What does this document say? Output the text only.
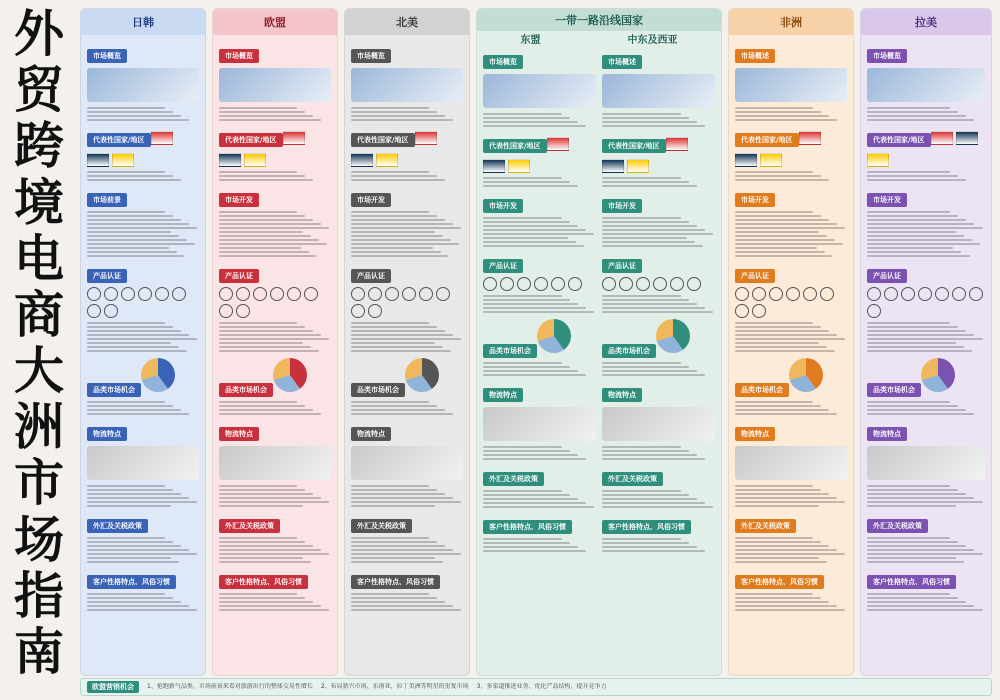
外
贸
跨
境
电
商
大
洲
市
场
指
南
日韩
市场概览
代表性国家/地区
市场前景
产品认证
品类市场机会
物流特点
外汇及关税政策
客户性格特点、风俗习惯
欧盟
市场概览
代表性国家/地区
市场开发
产品认证
品类市场机会
物流特点
外汇及关税政策
客户性格特点、风俗习惯
北美
市场概览
代表性国家/地区
市场开发
产品认证
品类市场机会
物流特点
外汇及关税政策
客户性格特点、风俗习惯
一带一路沿线国家
东盟	中东及西亚
市场概览
代表性国家/地区
市场开发
产品认证
品类市场机会
物流特点
外汇及关税政策
客户性格特点、风俗习惯
市场概述
代表性国家/地区
市场开发
产品认证
品类市场机会
物流特点
外汇及关税政策
客户性格特点、风俗习惯
非洲
市场概述
代表性国家/地区
市场开发
产品认证
品类市场机会
物流特点
外汇及关税政策
客户性格特点、风俗习惯
拉美
市场概览
代表性国家/地区
市场开发
产品认证
品类市场机会
物流特点
外汇及关税政策
客户性格特点、风俗习惯
欧盟营销机会	1、抢跑新气品类、市场前景来看对旅游出行的整体交易性增长 2、布局新兴市场、东南亚，拉丁美洲等明星的重复市场 3、多渠道推进业务、优化产品结构，提升竞争力
